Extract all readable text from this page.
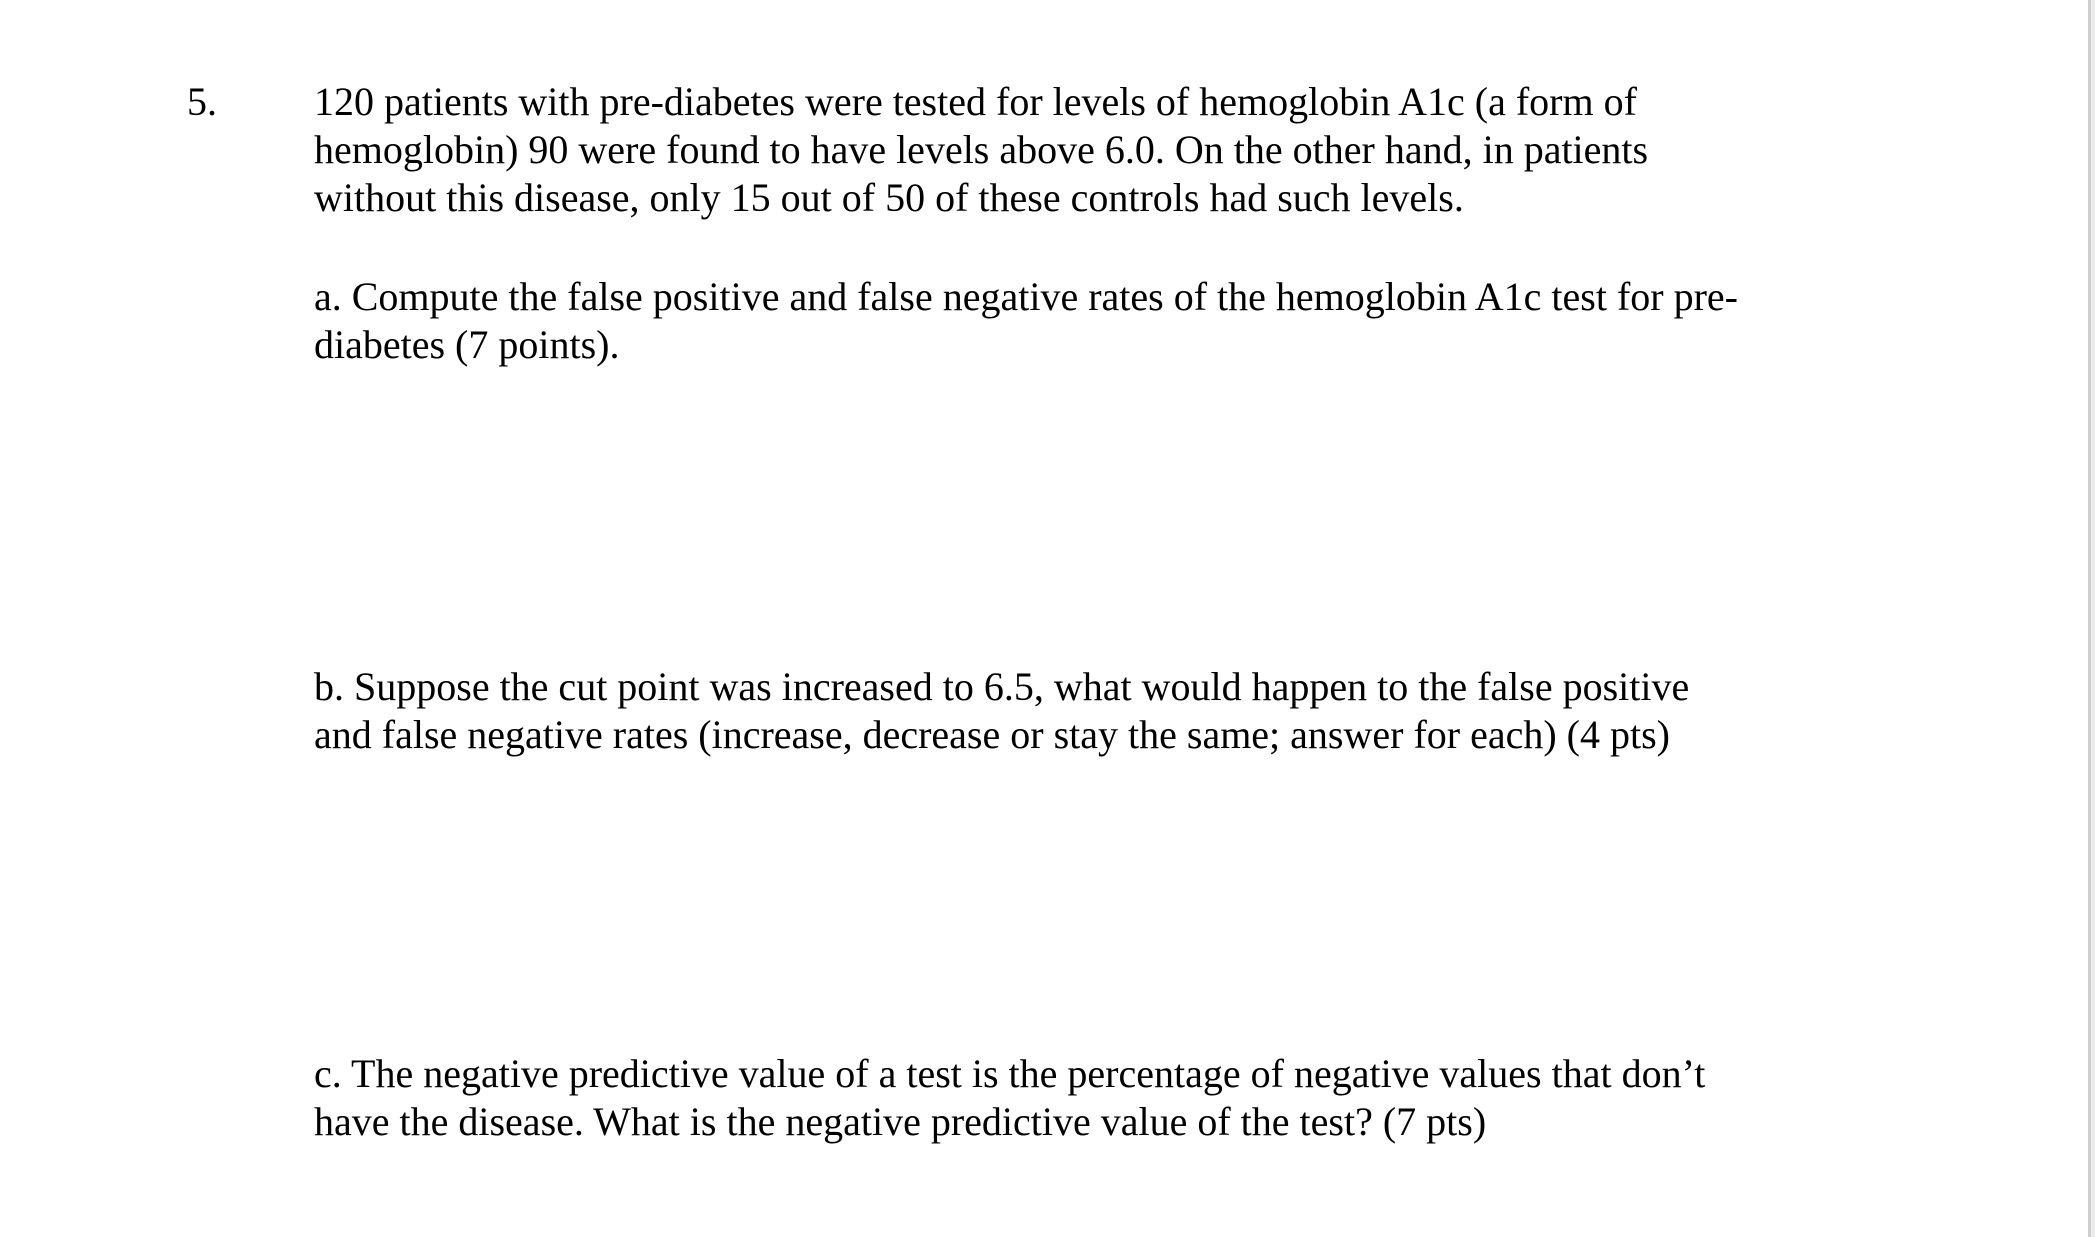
5. 120 patients with pre-diabetes were tested for levels of hemoglobin A1c (a form of
hemoglobin) 90 were found to have levels above 6.0. On the other hand, in patients
without this disease, only 15 out of 50 of these controls had such levels.

a. Compute the false positive and false negative rates of the hemoglobin A1c test for pre-
diabetes (7 points).

b. Suppose the cut point was increased to 6.5, what would happen to the false positive
and false negative rates (increase, decrease or stay the same; answer for each) (4 pts)

c. The negative predictive value of a test is the percentage of negative values that don’t
have the disease. What is the negative predictive value of the test? (7 pts)
